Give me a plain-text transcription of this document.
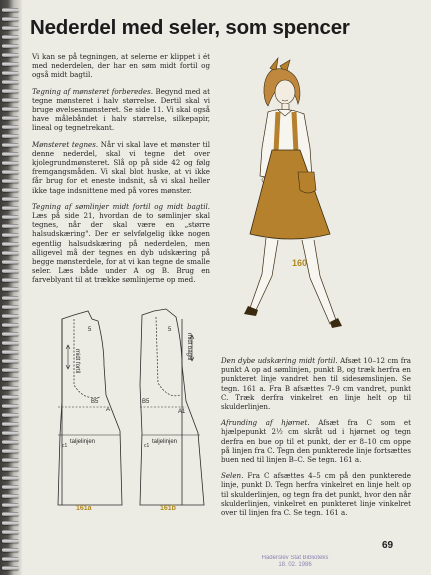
Nederdel med seler, som spencer

Vi kan se på tegningen, at selerne er klippet i ét med nederdelen, der har en søm midt fortil og også midt bagtil.

Tegning af mønsteret forberedes. Begynd med at tegne mønsteret i halv størrelse. Dertil skal vi bruge øvelsesmønsteret. Se side 11. Vi skal også have målebåndet i halv størrelse, silkepapir, lineal og tegnetrekant.

Mønsteret tegnes. Når vi skal lave et mønster til denne nederdel, skal vi tegne det over kjolegrundmønsteret. Slå op på side 42 og følg fremgangsmåden. Vi skal blot huske, at vi ikke får brug for et eneste indsnit, så vi skal heller ikke tage indsnittene med på vores mønster.

Tegning af sømlinjer midt fortil og midt bagtil. Læs på side 21, hvordan de to sømlinjer skal tegnes, når der skal være en „større halsudskæring". Der er selvfølgelig ikke nogen egentlig halsudskæring på nederdelen, men alligevel må der tegnes en dyb udskæring på begge mønsterdele, for at vi kan tegne de smalle seler. Læs både under A og B. Brug en farveblyant til at trække sømlinjerne op med.

160
midt fortil
5
B5
c1
taljelinjen
161a
midt bagtil
5
B5
A1
c1
taljelinjen
161b
A

Den dybe udskæring midt fortil. Afsæt 10–12 cm fra punkt A op ad sømlinjen, punkt B, og træk herfra en punkteret linje vandret hen til sidesømslinjen. Se tegn. 161 a. Fra B afsættes 7–9 cm vandret, punkt C. Træk derfra vinkelret en linje helt op til skulderlinjen.

Afrunding af hjørnet. Afsæt fra C som et hjælpepunkt 2½ cm skråt ud i hjørnet og tegn derfra en bue op til et punkt, der er 8–10 cm oppe på linjen fra C. Tegn den punkterede linje fortsættes buen ned til linjen B–C. Se tegn. 161 a.

Selen. Fra C afsættes 4–5 cm på den punkterede linje, punkt D. Tegn herfra vinkelret en linje helt op til skulderlinjen, og tegn fra det punkt, hvor den når skulderlinjen, vinkelret en punkteret linje vinkelret over til linjen fra C. Se tegn. 161 a.

69
Haderslev Stat Biblioteks
18. 02. 1986
